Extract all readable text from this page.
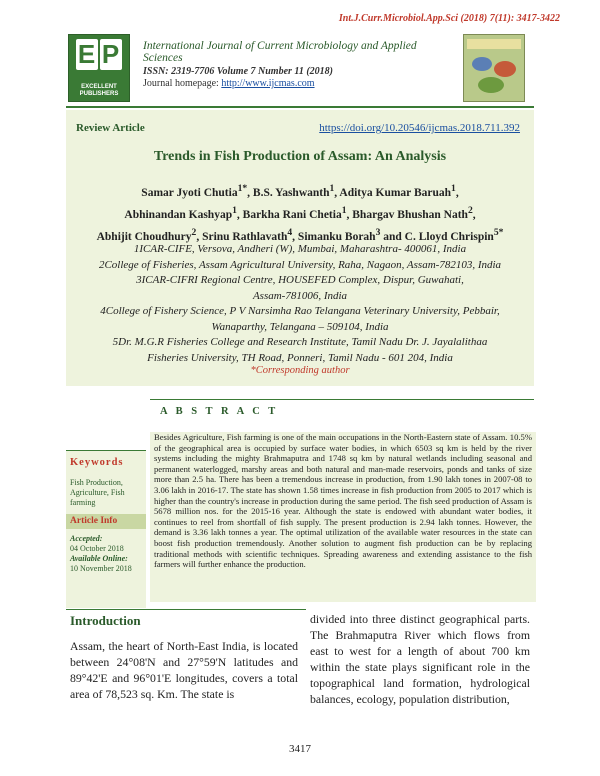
Int.J.Curr.Microbiol.App.Sci (2018) 7(11): 3417-3422
E P
EXCELLENT PUBLISHERS
International Journal of Current Microbiology and Applied Sciences
ISSN: 2319-7706 Volume 7 Number 11 (2018)
Journal homepage: http://www.ijcmas.com
Review Article	https://doi.org/10.20546/ijcmas.2018.711.392
Trends in Fish Production of Assam: An Analysis
Samar Jyoti Chutia$^{1*}$, B.S. Yashwanth$^1$, Aditya Kumar Baruah$^1$,
Abhinandan Kashyap$^1$, Barkha Rani Chetia$^1$, Bhargav Bhushan Nath$^2$,
Abhijit Choudhury$^2$, Srinu Rathlavath$^4$, Simanku Borah$^3$ and C. Lloyd Chrispin$^{5*}$
1ICAR-CIFE, Versova, Andheri (W), Mumbai, Maharashtra- 400061, India
2College of Fisheries, Assam Agricultural University, Raha, Nagaon, Assam-782103, India
3ICAR-CIFRI Regional Centre, HOUSEFED Complex, Dispur, Guwahati,
Assam-781006, India
4College of Fishery Science, P V Narsimha Rao Telangana Veterinary University, Pebbair,
Wanaparthy, Telangana – 509104, India
5Dr. M.G.R Fisheries College and Research Institute, Tamil Nadu Dr. J. Jayalalithaa
Fisheries University, TH Road, Ponneri, Tamil Nadu - 601 204, India
*Corresponding author
A B S T R A C T
Keywords
Fish Production, Agriculture, Fish farming
Article Info
Accepted:
04 October 2018
Available Online:
10 November 2018
Besides Agriculture, Fish farming is one of the main occupations in the North-Eastern state of Assam. 10.5% of the geographical area is occupied by surface water bodies, in which 6503 sq km is held by the river systems including the mighty Brahmaputra and 1748 sq km by natural wetlands including seasonal and permanent waterlogged, marshy areas and both natural and man-made reservoirs, ponds and tanks of size more than 2.5 ha. There has been a tremendous increase in production, from 1.90 lakh tones in 2007-08 to 3.06 lakh in 2016-17. The state has shown 1.58 times increase in fish production from 2005 to 2017 which is higher than the country's increase in production during the same period. The fish seed production of Assam is 5678 million nos. for the 2015-16 year. Although the state is endowed with abundant water bodies, it continues to reel from shortfall of fish supply. The present production is 2.94 lakh tonnes. However, the demand is 3.36 lakh tonnes a year. The optimal utilization of the available water resources in the state can boost fish production tremendously. Another solution to augment fish production can be by replacing traditional methods with scientific techniques. Spreading awareness and extending assistance to the fish farmers will further enhance the production.
Introduction
Assam, the heart of North-East India, is located between 24°08'N and 27°59'N latitudes and 89°42'E and 96°01'E longitudes, covers a total area of 78,523 sq. Km. The state is
divided into three distinct geographical parts. The Brahmaputra River which flows from east to west for a length of about 700 km within the state plays significant role in the topographical land formation, hydrological balances, ecology, population distribution,
3417
